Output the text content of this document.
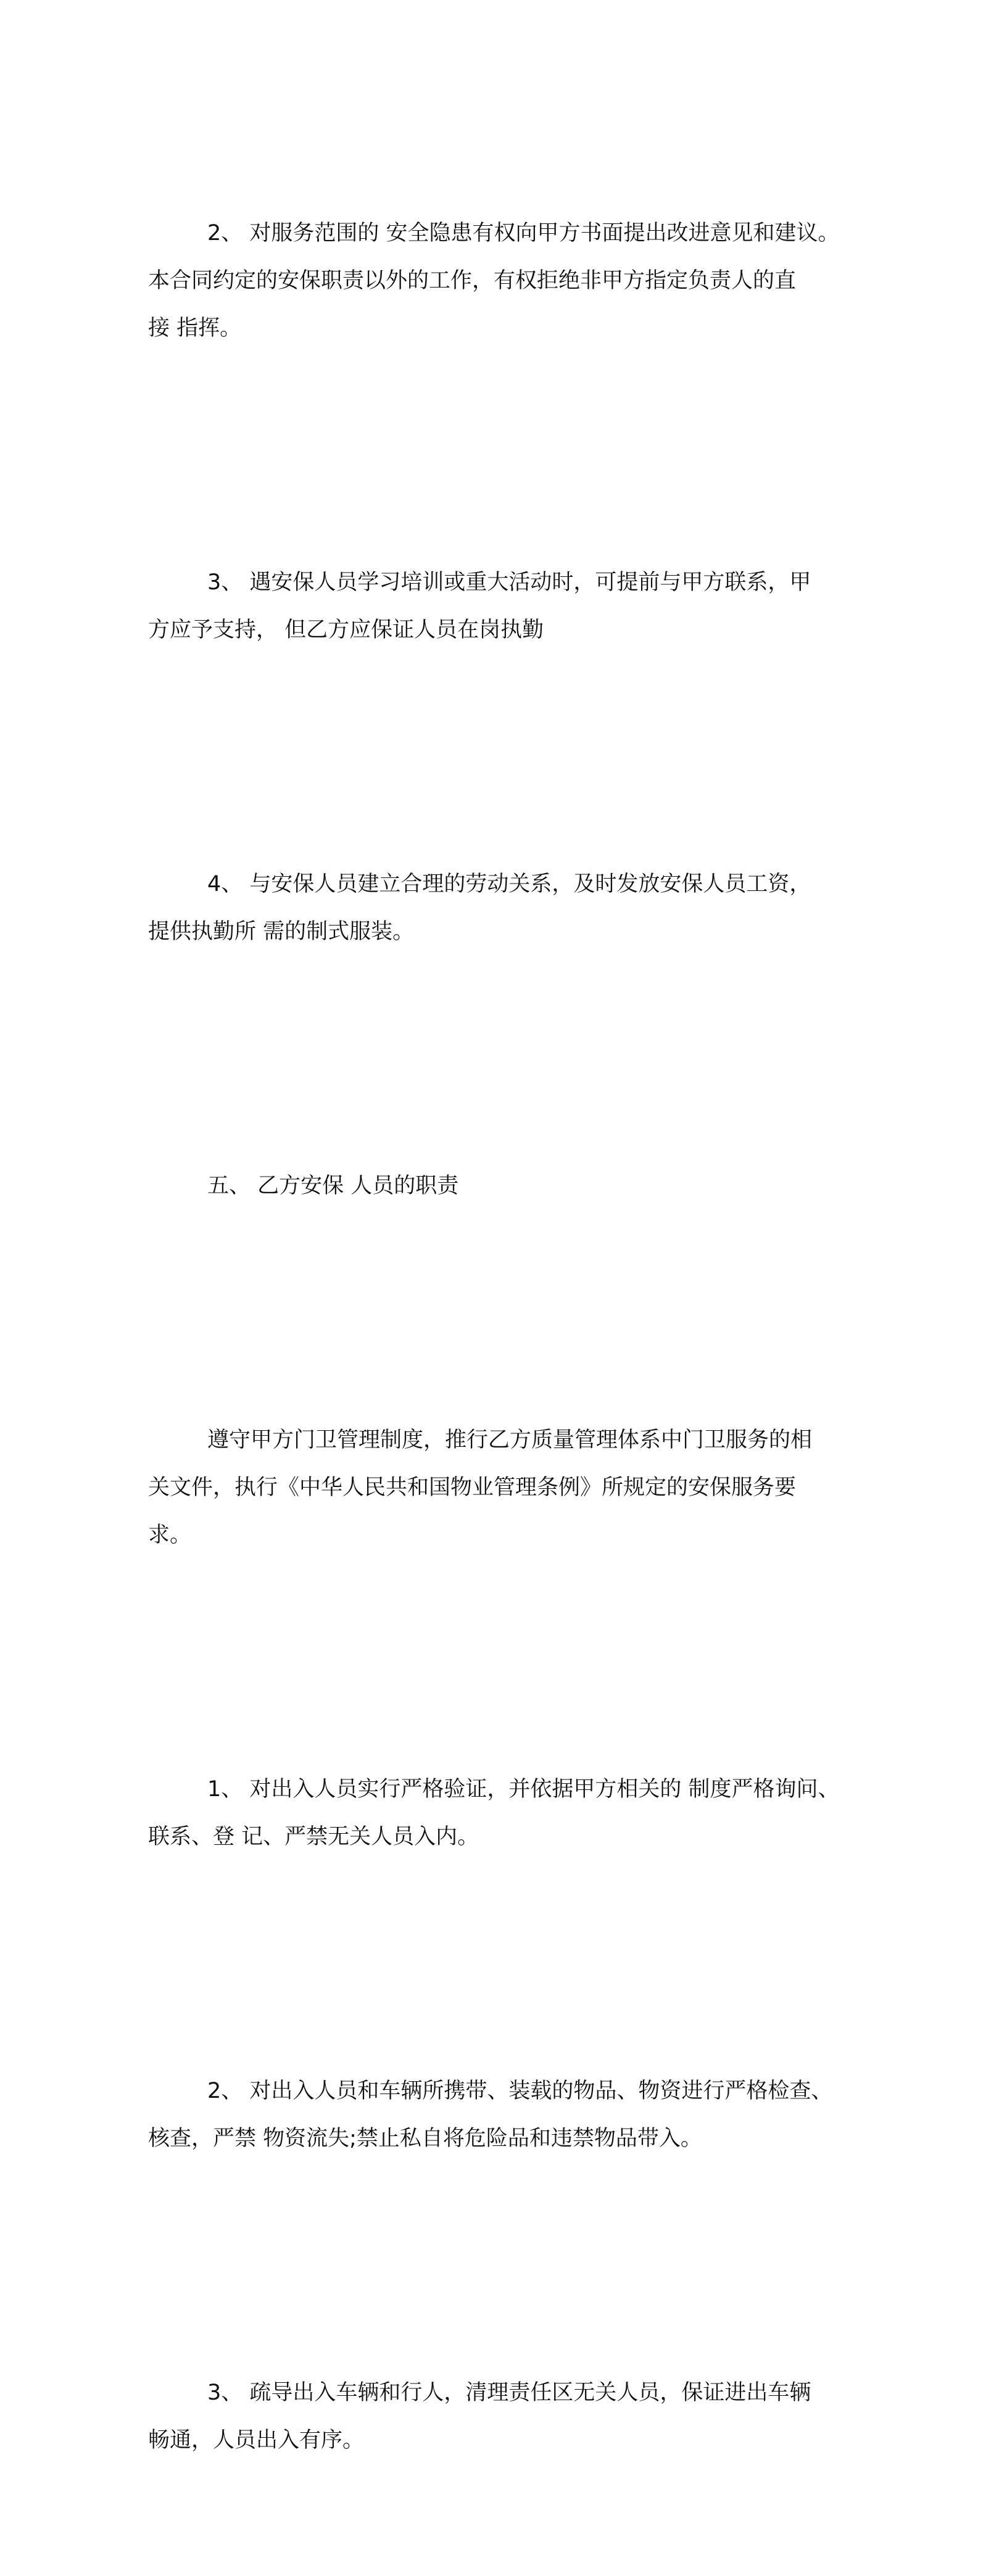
2、 对服务范围的 安全隐患有权向甲方书面提出改进意见和建议。
本合同约定的安保职责以外的工作，有权拒绝非甲方指定负责人的直
接 指挥。

3、 遇安保人员学习培训或重大活动时，可提前与甲方联系，甲
方应予支持， 但乙方应保证人员在岗执勤

4、 与安保人员建立合理的劳动关系，及时发放安保人员工资，
提供执勤所 需的制式服装。

五、 乙方安保 人员的职责

遵守甲方门卫管理制度，推行乙方质量管理体系中门卫服务的相
关文件，执行《中华人民共和国物业管理条例》所规定的安保服务要
求。

1、 对出入人员实行严格验证，并依据甲方相关的 制度严格询问、
联系、登 记、严禁无关人员入内。

2、 对出入人员和车辆所携带、装载的物品、物资进行严格检查、
核查，严禁 物资流失;禁止私自将危险品和违禁物品带入。

3、 疏导出入车辆和行人，清理责任区无关人员，保证进出车辆
畅通，人员出入有序。
